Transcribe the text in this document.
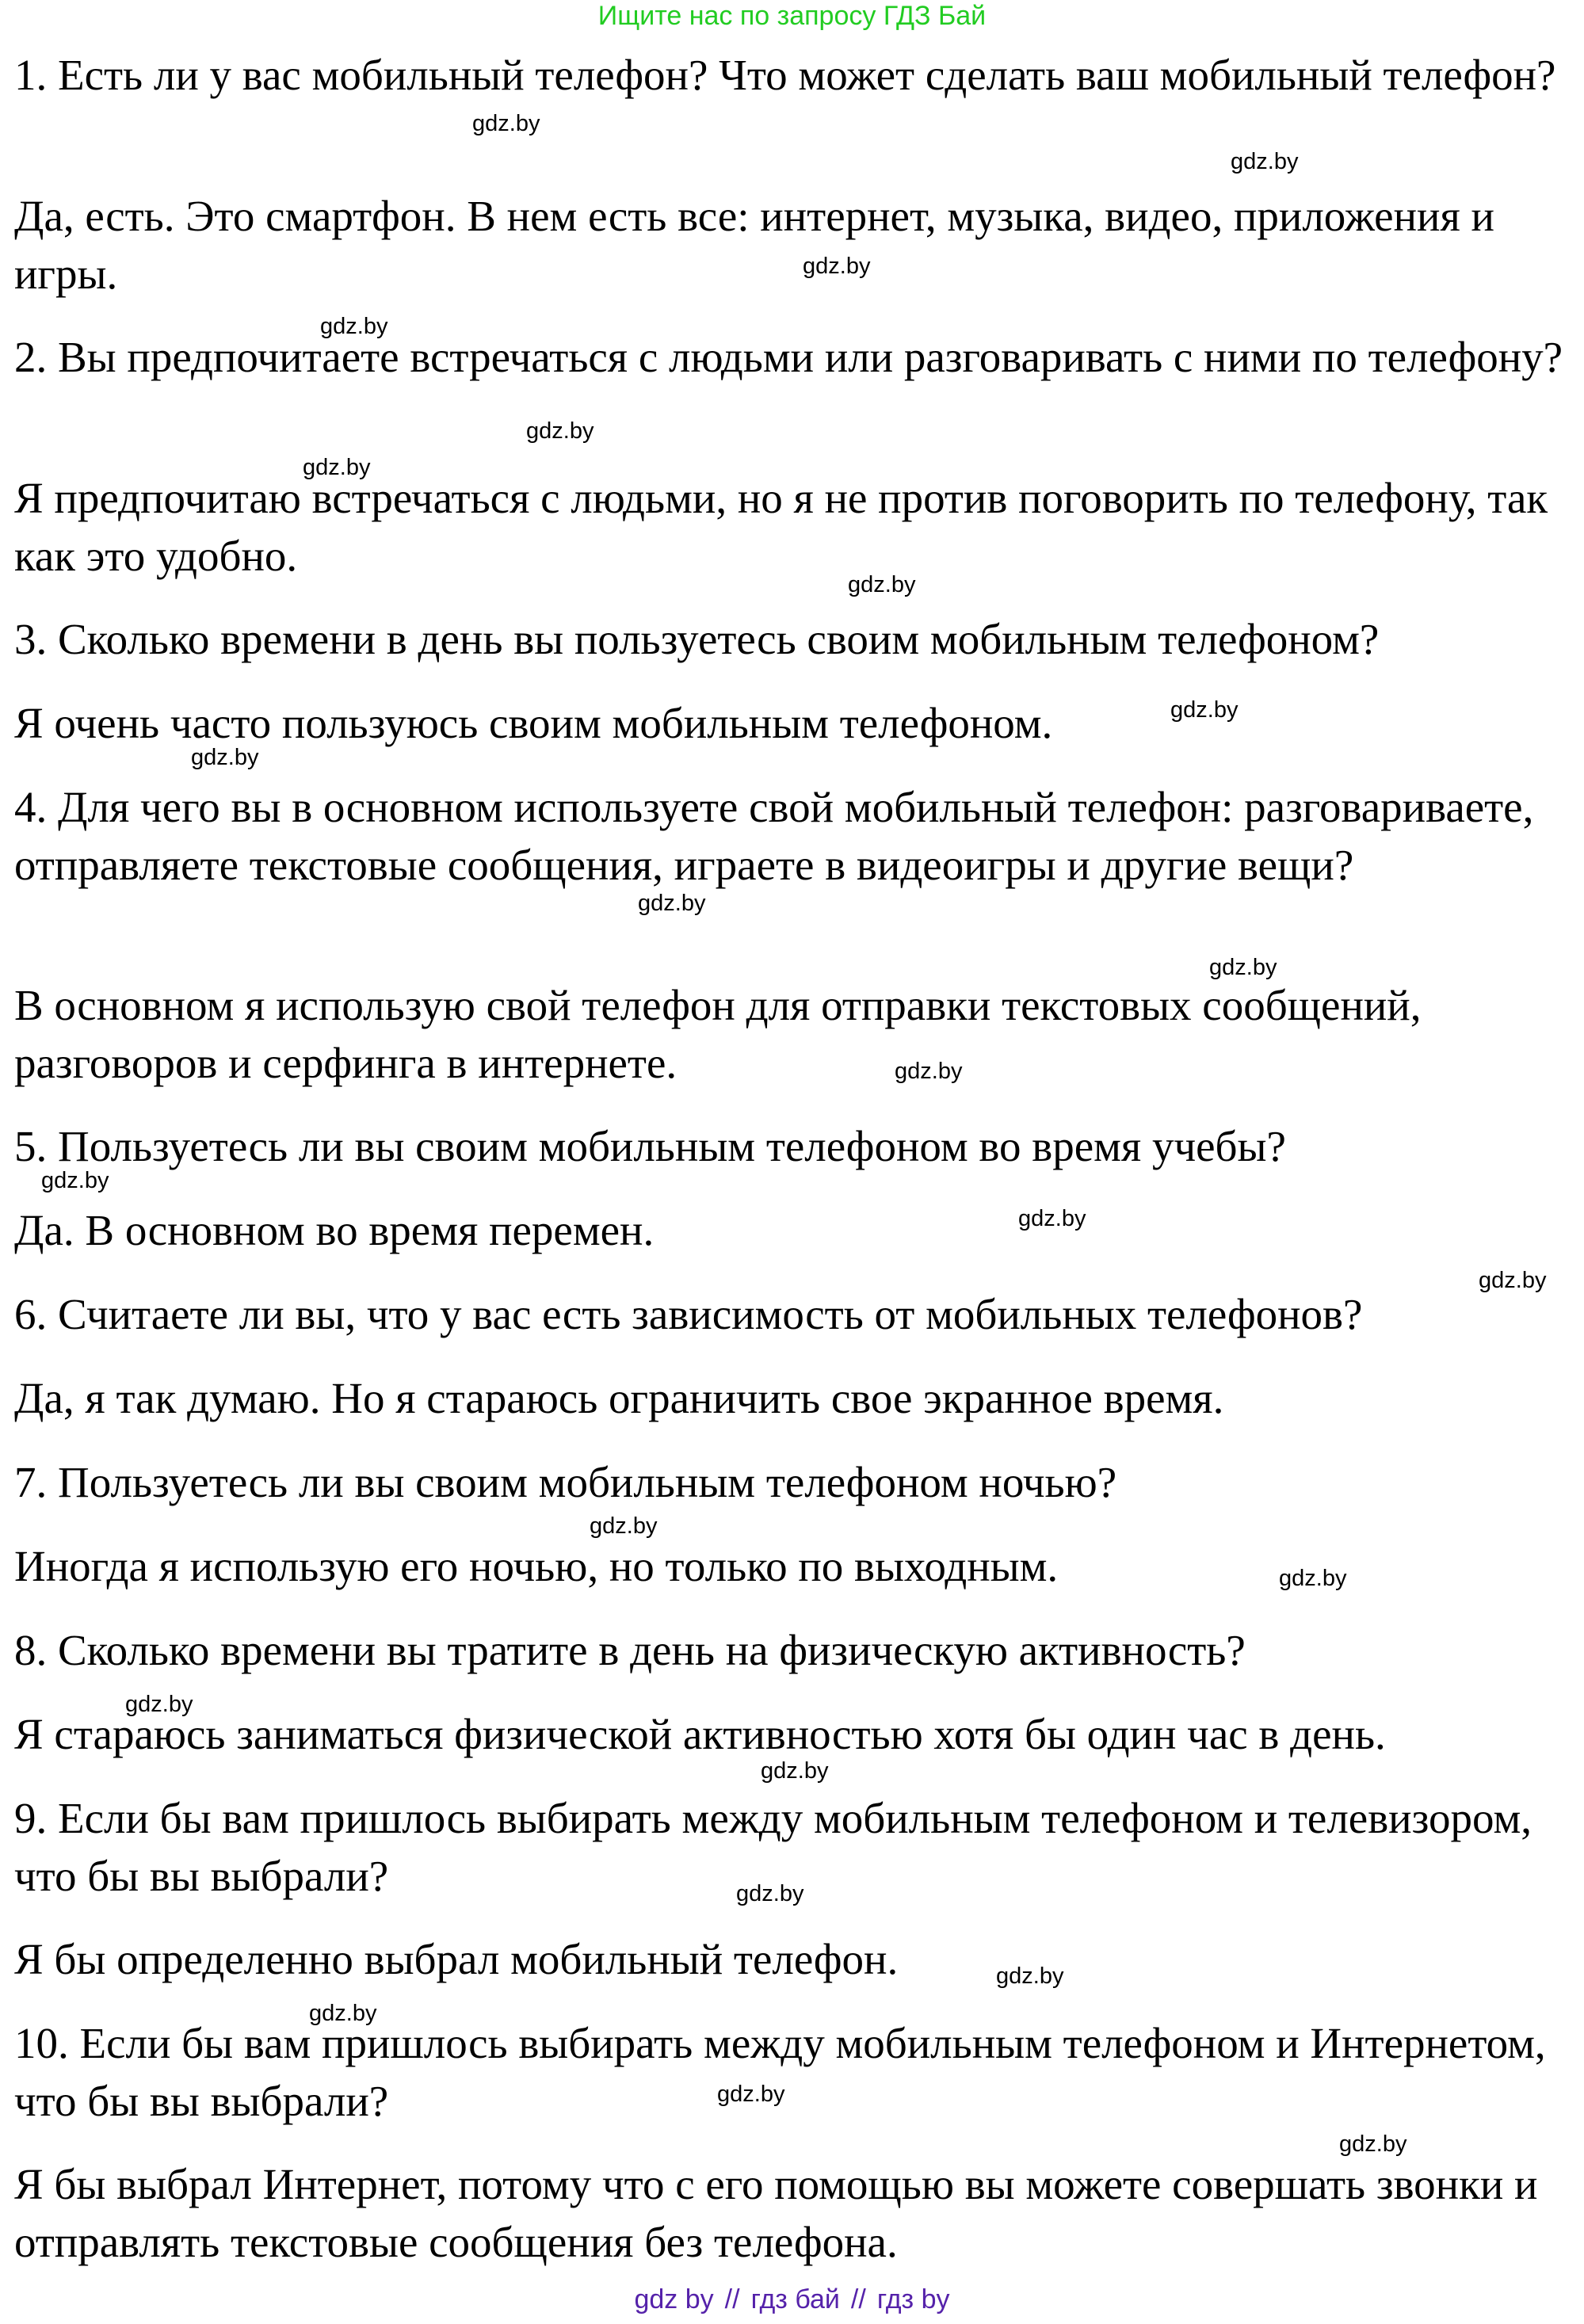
Ищите нас по запросу ГДЗ Бай

1. Есть ли у вас мобильный телефон? Что может сделать ваш мобильный телефон?

Да, есть. Это смартфон. В нем есть все: интернет, музыка, видео, приложения и игры.

2. Вы предпочитаете встречаться с людьми или разговаривать с ними по телефону?

Я предпочитаю встречаться с людьми, но я не против поговорить по телефону, так как это удобно.

3. Сколько времени в день вы пользуетесь своим мобильным телефоном?

Я очень часто пользуюсь своим мобильным телефоном.

4. Для чего вы в основном используете свой мобильный телефон: разговариваете, отправляете текстовые сообщения, играете в видеоигры и другие вещи?

В основном я использую свой телефон для отправки текстовых сообщений, разговоров и серфинга в интернете.

5. Пользуетесь ли вы своим мобильным телефоном во время учебы?

Да. В основном во время перемен.

6. Считаете ли вы, что у вас есть зависимость от мобильных телефонов?

Да, я так думаю. Но я стараюсь ограничить свое экранное время.

7. Пользуетесь ли вы своим мобильным телефоном ночью?

Иногда я использую его ночью, но только по выходным.

8. Сколько времени вы тратите в день на физическую активность?

Я стараюсь заниматься физической активностью хотя бы один час в день.

9. Если бы вам пришлось выбирать между мобильным телефоном и телевизором, что бы вы выбрали?

Я бы определенно выбрал мобильный телефон.

10. Если бы вам пришлось выбирать между мобильным телефоном и Интернетом, что бы вы выбрали?

Я бы выбрал Интернет, потому что с его помощью вы можете совершать звонки и отправлять текстовые сообщения без телефона.

gdz.by
gdz.by
gdz.by
gdz.by
gdz.by
gdz.by
gdz.by
gdz.by
gdz.by
gdz.by
gdz.by
gdz.by
gdz.by
gdz.by
gdz.by
gdz.by
gdz.by
gdz.by
gdz.by
gdz.by
gdz.by
gdz.by
gdz.by
gdz.by
gdz by // гдз бай // гдз by
